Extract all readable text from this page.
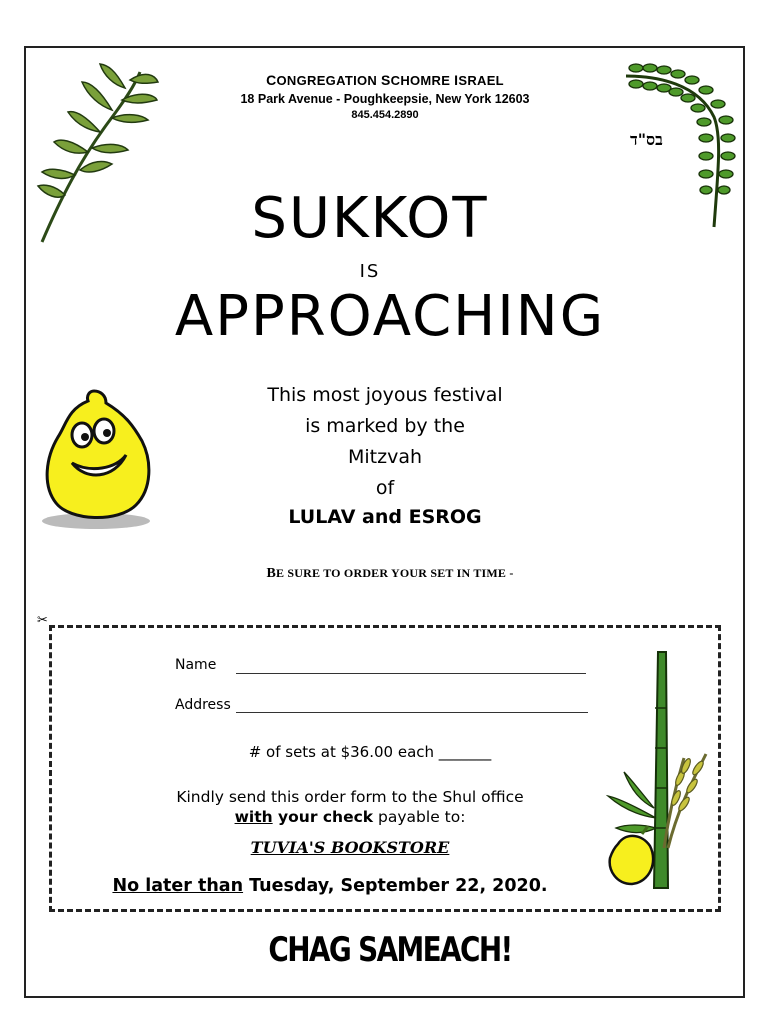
CONGREGATION SCHOMRE ISRAEL
18 Park Avenue - Poughkeepsie, New York 12603
845.454.2890
בס"ד
SUKKOT
IS
APPROACHING
This most joyous festival
is marked by the
Mitzvah
of
LULAV and ESROG
BE SURE TO ORDER YOUR SET IN TIME -
✂
Name
Address
# of sets at $36.00 each _______
Kindly send this order form to the Shul office
with your check payable to:
TUVIA'S BOOKSTORE
No later than Tuesday, September 22, 2020.
CHAG SAMEACH!
